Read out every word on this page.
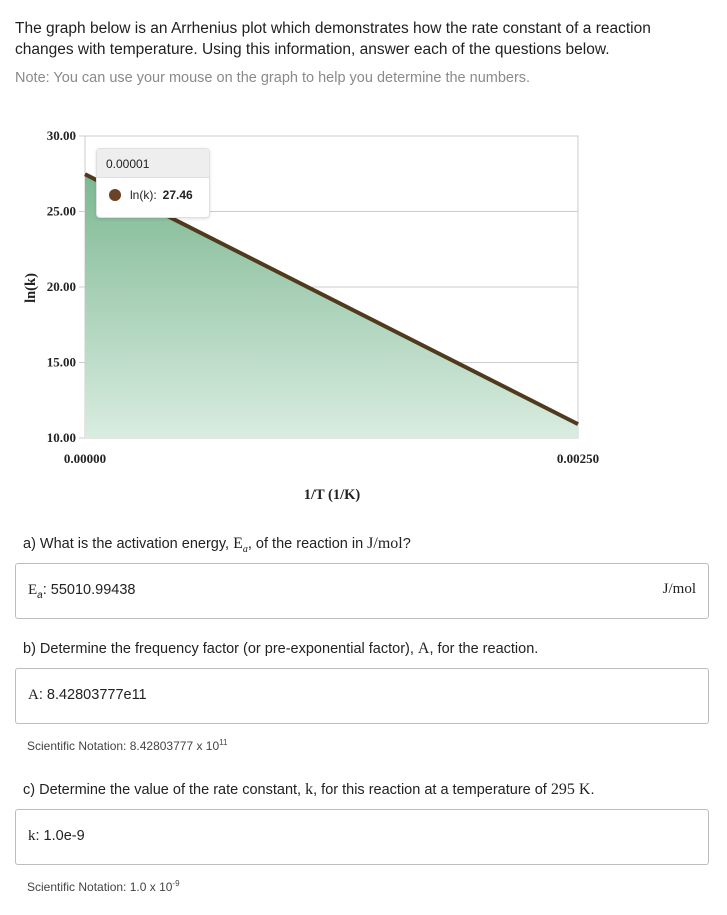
The graph below is an Arrhenius plot which demonstrates how the rate constant of a reaction changes with temperature. Using this information, answer each of the questions below.

Note: You can use your mouse on the graph to help you determine the numbers.

30.00
25.00
20.00
15.00
10.00
0.00000	0.00250
ln(k)
1/T (1/K)
0.00001
ln(k): 27.46

a) What is the activation energy, $E_a$, of the reaction in J/mol?

$E_a$: 55010.99438	J/mol

b) Determine the frequency factor (or pre-exponential factor), A, for the reaction.

A: 8.42803777e11
Scientific Notation: 8.42803777 x $10^{11}$

c) Determine the value of the rate constant, k, for this reaction at a temperature of 295 K.

k: 1.0e-9
Scientific Notation: 1.0 x $10^{-9}$
